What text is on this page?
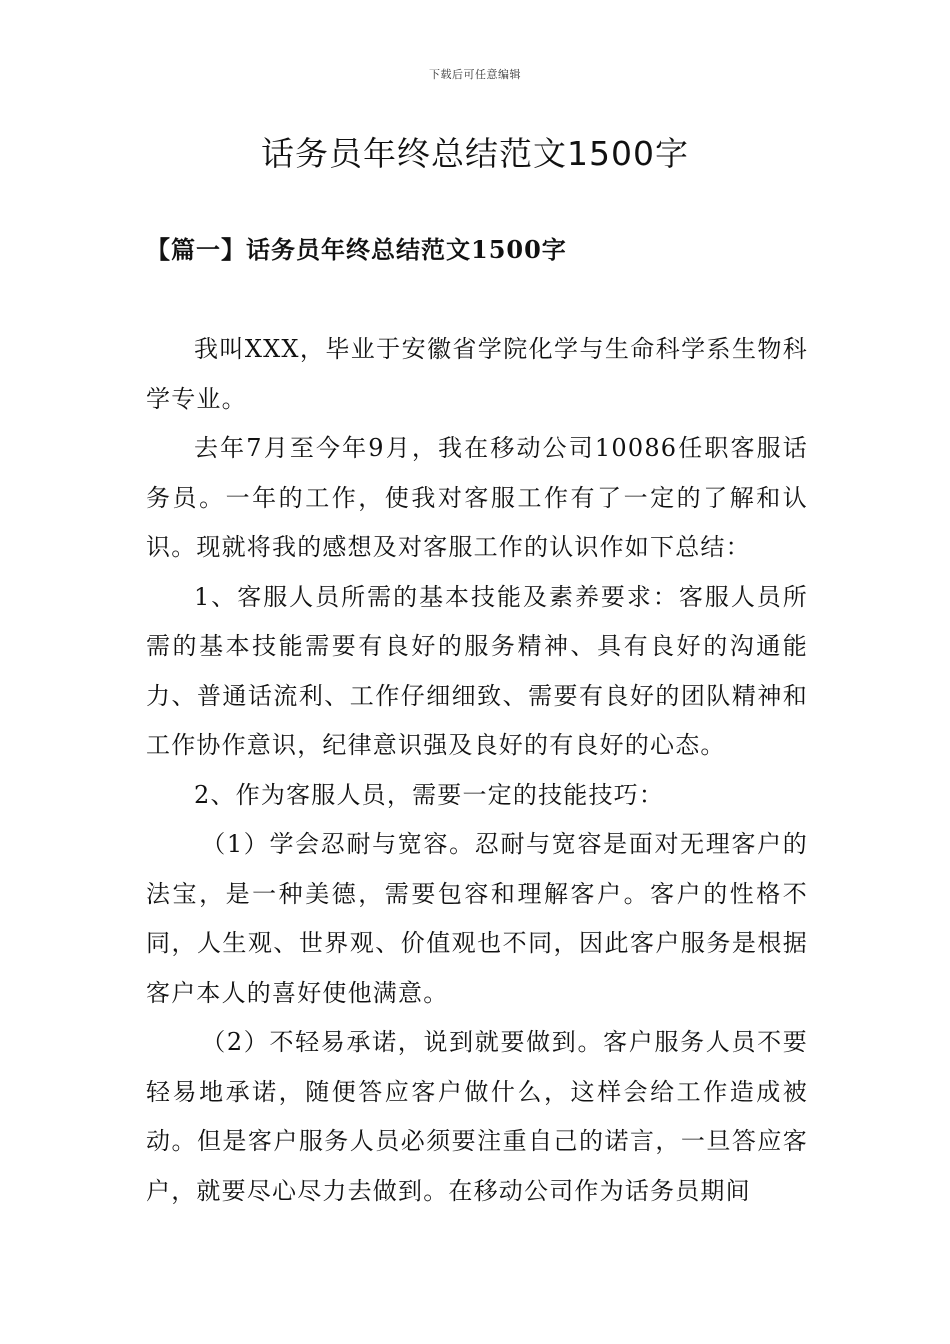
下载后可任意编辑
话务员年终总结范文1500字
【篇一】话务员年终总结范文1500字

我叫XXX，毕业于安徽省学院化学与生命科学系生物科学专业。

去年7月至今年9月，我在移动公司10086任职客服话务员。一年的工作，使我对客服工作有了一定的了解和认识。现就将我的感想及对客服工作的认识作如下总结：

1、客服人员所需的基本技能及素养要求：客服人员所需的基本技能需要有良好的服务精神、具有良好的沟通能力、普通话流利、工作仔细细致、需要有良好的团队精神和工作协作意识，纪律意识强及良好的有良好的心态。

2、作为客服人员，需要一定的技能技巧：

（1）学会忍耐与宽容。忍耐与宽容是面对无理客户的法宝，是一种美德，需要包容和理解客户。客户的性格不同，人生观、世界观、价值观也不同，因此客户服务是根据客户本人的喜好使他满意。

（2）不轻易承诺，说到就要做到。客户服务人员不要轻易地承诺，随便答应客户做什么，这样会给工作造成被动。但是客户服务人员必须要注重自己的诺言，一旦答应客户，就要尽心尽力去做到。在移动公司作为话务员期间
